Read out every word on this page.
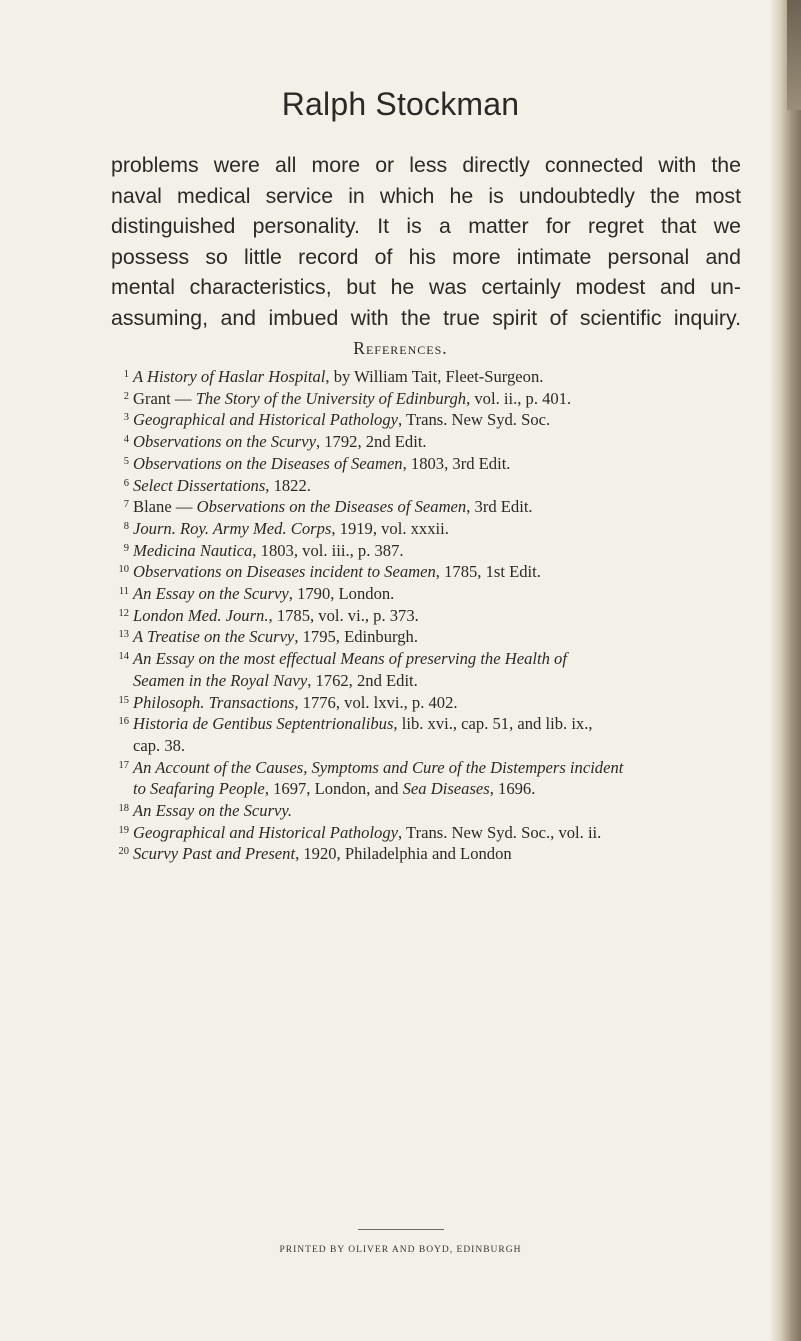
Ralph Stockman
problems were all more or less directly connected with the
naval medical service in which he is undoubtedly the most
distinguished personality. It is a matter for regret that we
possess so little record of his more intimate personal and
mental characteristics, but he was certainly modest and un-
assuming, and imbued with the true spirit of scientific inquiry.
References.
1 A History of Haslar Hospital, by William Tait, Fleet-Surgeon.
2 Grant — The Story of the University of Edinburgh, vol. ii., p. 401.
3 Geographical and Historical Pathology, Trans. New Syd. Soc.
4 Observations on the Scurvy, 1792, 2nd Edit.
5 Observations on the Diseases of Seamen, 1803, 3rd Edit.
6 Select Dissertations, 1822.
7 Blane — Observations on the Diseases of Seamen, 3rd Edit.
8 Journ. Roy. Army Med. Corps, 1919, vol. xxxii.
9 Medicina Nautica, 1803, vol. iii., p. 387.
10 Observations on Diseases incident to Seamen, 1785, 1st Edit.
11 An Essay on the Scurvy, 1790, London.
12 London Med. Journ., 1785, vol. vi., p. 373.
13 A Treatise on the Scurvy, 1795, Edinburgh.
14 An Essay on the most effectual Means of preserving the Health of
Seamen in the Royal Navy, 1762, 2nd Edit.
15 Philosoph. Transactions, 1776, vol. lxvi., p. 402.
16 Historia de Gentibus Septentrionalibus, lib. xvi., cap. 51, and lib. ix.,
cap. 38.
17 An Account of the Causes, Symptoms and Cure of the Distempers incident
to Seafaring People, 1697, London, and Sea Diseases, 1696.
18 An Essay on the Scurvy.
19 Geographical and Historical Pathology, Trans. New Syd. Soc., vol. ii.
20 Scurvy Past and Present, 1920, Philadelphia and London
PRINTED BY OLIVER AND BOYD, EDINBURGH
